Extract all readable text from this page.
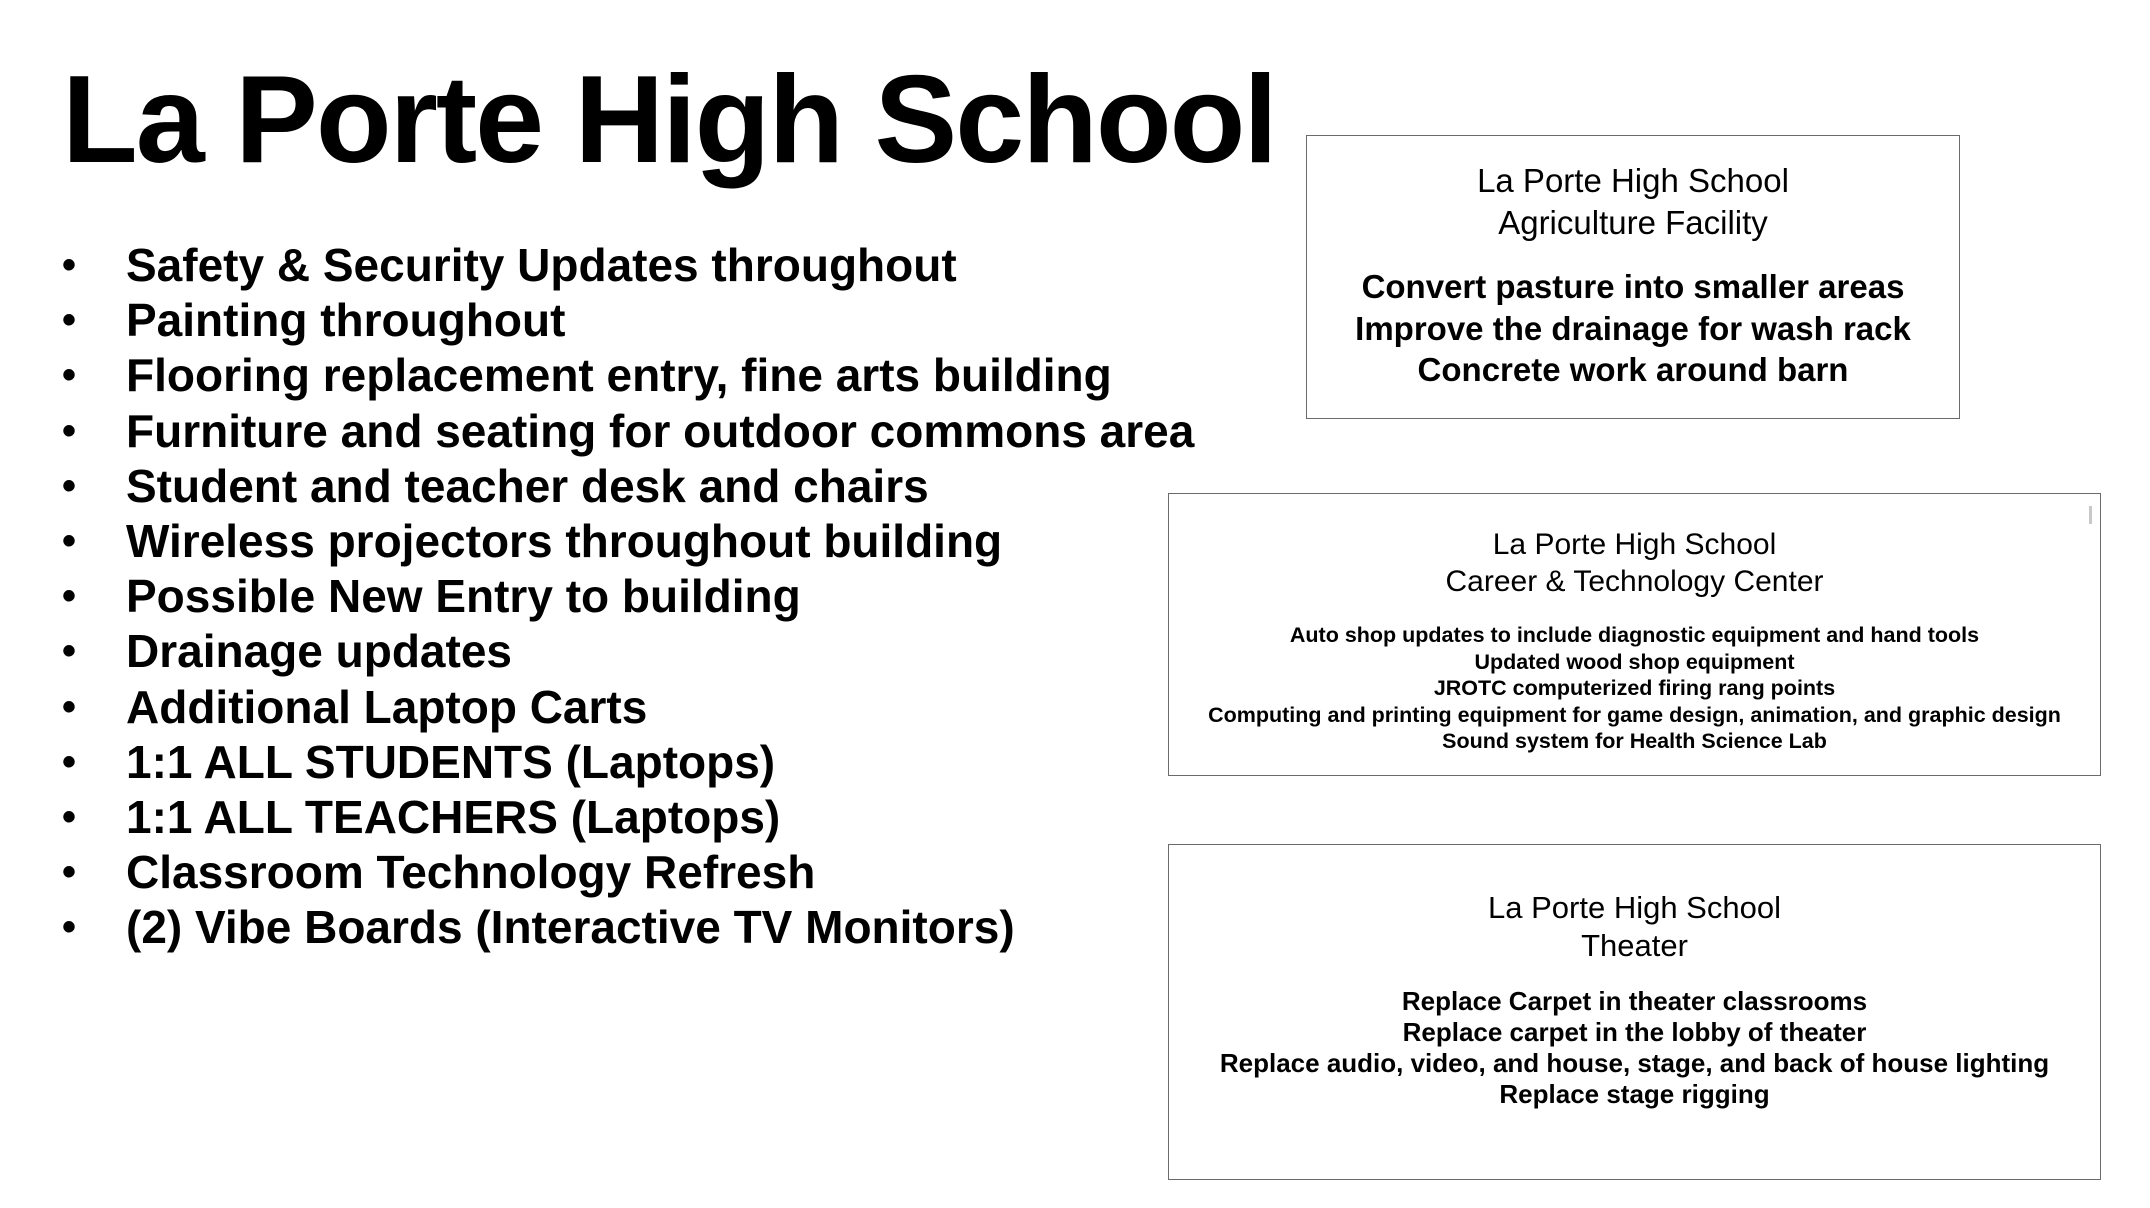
La Porte High School
• Safety & Security Updates throughout
• Painting throughout
• Flooring replacement entry, fine arts building
• Furniture and seating for outdoor commons area
• Student and teacher desk and chairs
• Wireless projectors throughout building
• Possible New Entry to building
• Drainage updates
• Additional Laptop Carts
• 1:1 ALL STUDENTS (Laptops)
• 1:1 ALL TEACHERS (Laptops)
• Classroom Technology Refresh
• (2) Vibe Boards (Interactive TV Monitors)
La Porte High School
Agriculture Facility
Convert pasture into smaller areas
Improve the drainage for wash rack
Concrete work around barn
La Porte High School
Career & Technology Center
Auto shop updates to include diagnostic equipment and hand tools
Updated wood shop equipment
JROTC computerized firing rang points
Computing and printing equipment for game design, animation, and graphic design
Sound system for Health Science Lab
La Porte High School
Theater
Replace Carpet in theater classrooms
Replace carpet in the lobby of theater
Replace audio, video, and house, stage, and back of house lighting
Replace stage rigging
